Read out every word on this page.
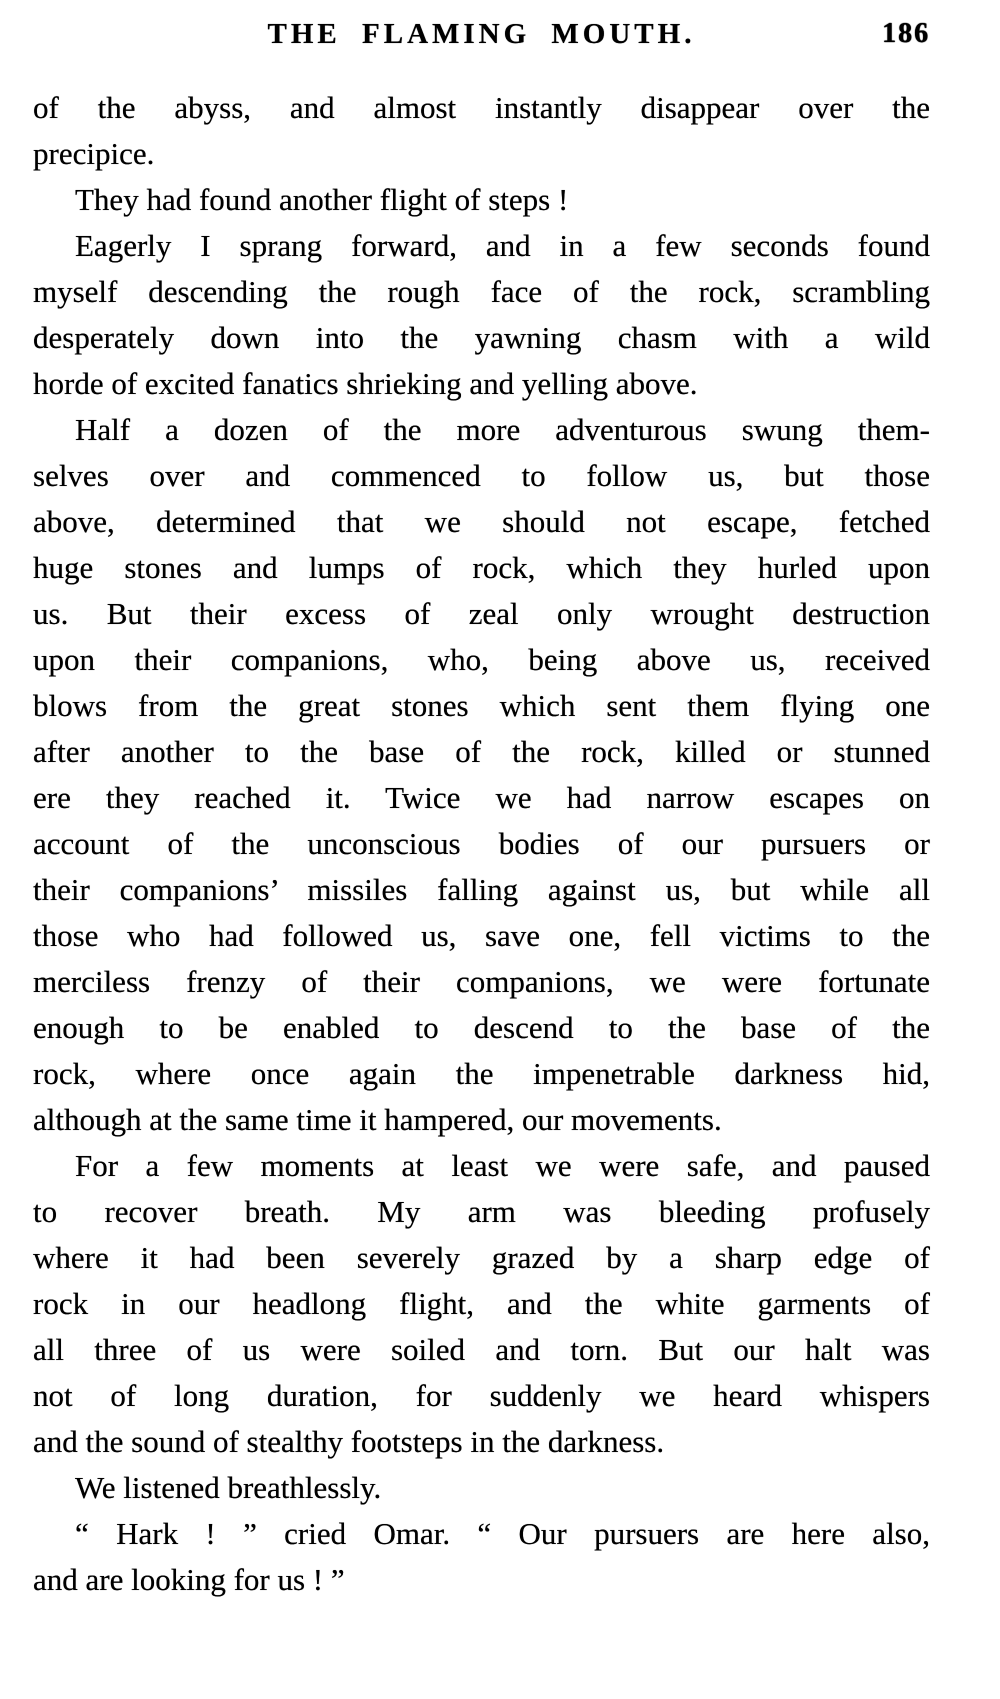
THE FLAMING MOUTH.	186
of the abyss, and almost instantly disappear over the
precipice.
They had found another flight of steps !
Eagerly I sprang forward, and in a few seconds found
myself descending the rough face of the rock, scrambling
desperately down into the yawning chasm with a wild
horde of excited fanatics shrieking and yelling above.
Half a dozen of the more adventurous swung them-
selves over and commenced to follow us, but those
above, determined that we should not escape, fetched
huge stones and lumps of rock, which they hurled upon
us. But their excess of zeal only wrought destruction
upon their companions, who, being above us, received
blows from the great stones which sent them flying one
after another to the base of the rock, killed or stunned
ere they reached it. Twice we had narrow escapes on
account of the unconscious bodies of our pursuers or
their companions’ missiles falling against us, but while all
those who had followed us, save one, fell victims to the
merciless frenzy of their companions, we were fortunate
enough to be enabled to descend to the base of the
rock, where once again the impenetrable darkness hid,
although at the same time it hampered, our movements.
For a few moments at least we were safe, and paused
to recover breath. My arm was bleeding profusely
where it had been severely grazed by a sharp edge of
rock in our headlong flight, and the white garments of
all three of us were soiled and torn. But our halt was
not of long duration, for suddenly we heard whispers
and the sound of stealthy footsteps in the darkness.
We listened breathlessly.
“ Hark ! ” cried Omar. “ Our pursuers are here also,
and are looking for us ! ”
